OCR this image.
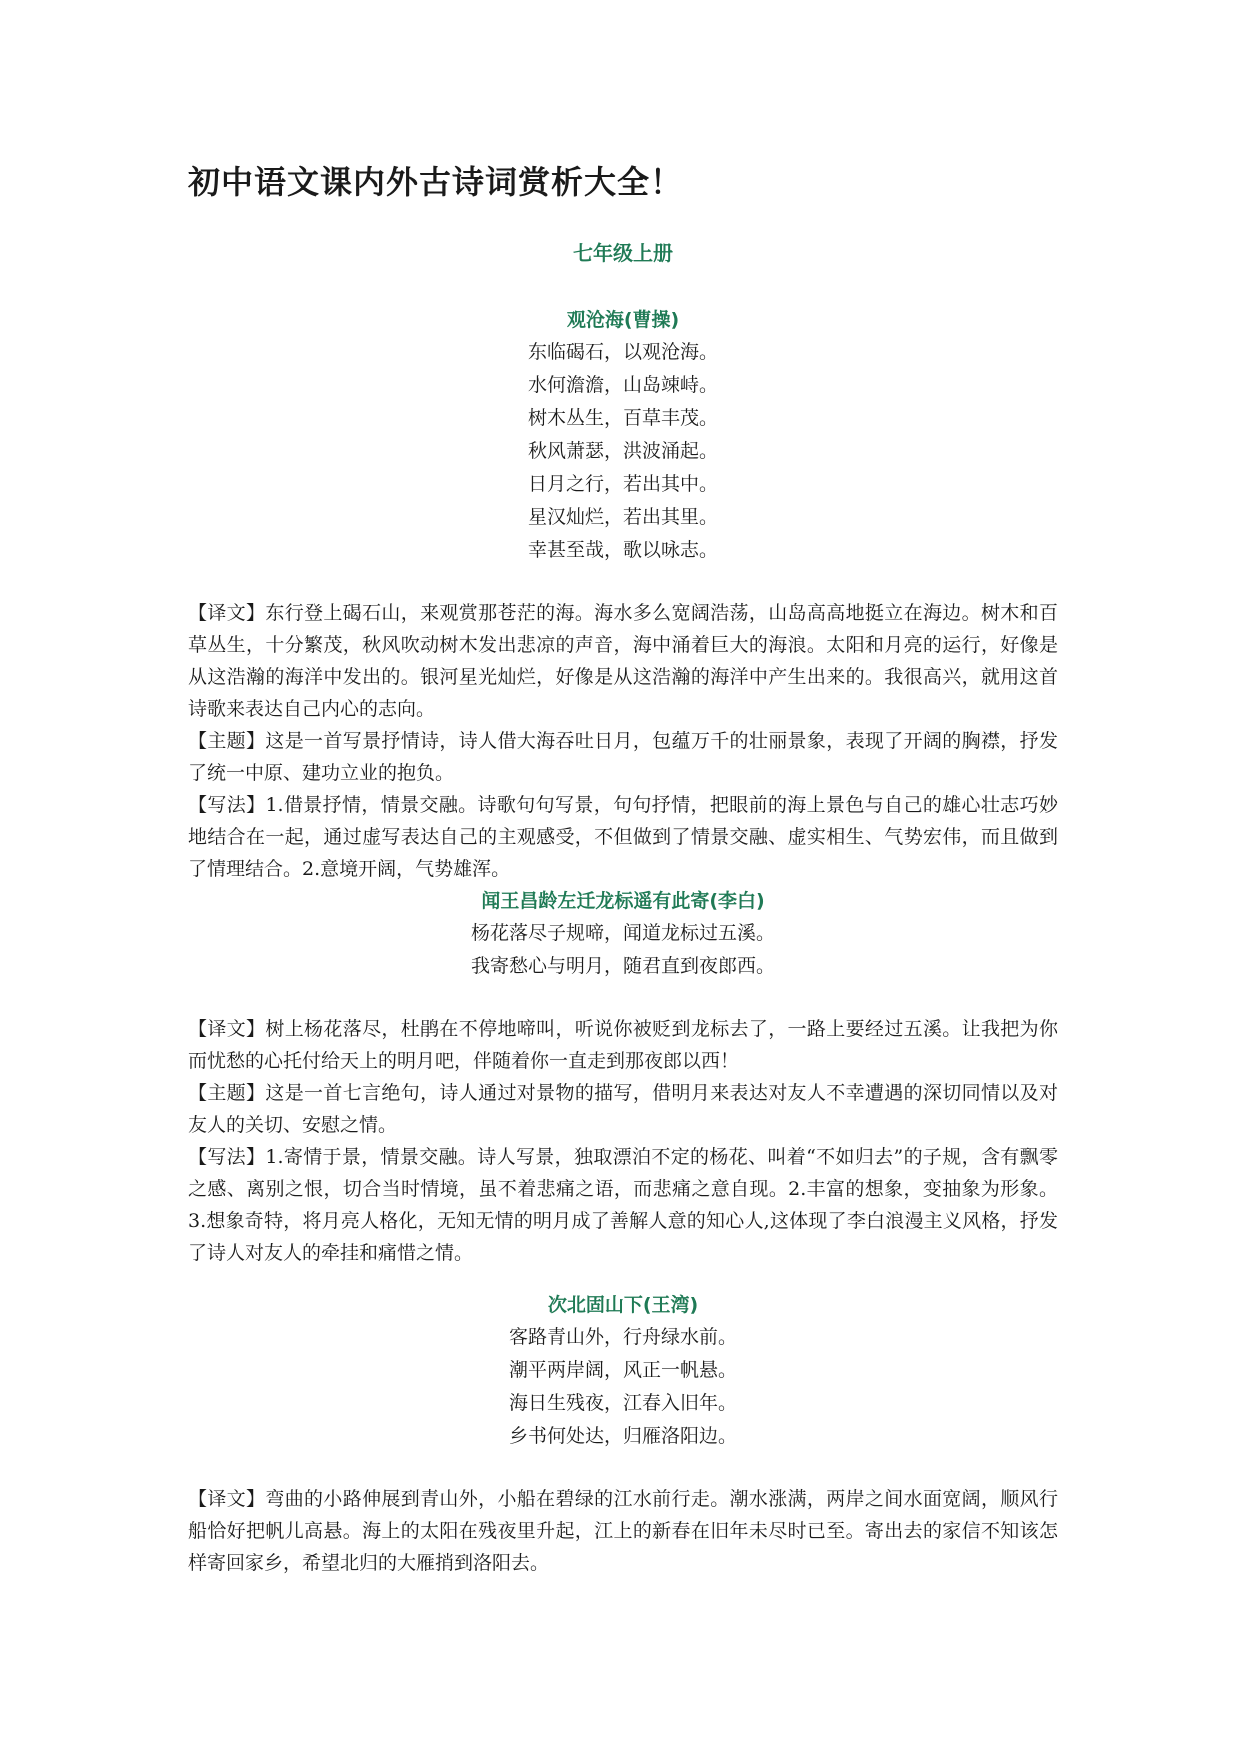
初中语文课内外古诗词赏析大全！
七年级上册
观沧海(曹操)
东临碣石，以观沧海。
水何澹澹，山岛竦峙。
树木丛生，百草丰茂。
秋风萧瑟，洪波涌起。
日月之行，若出其中。
星汉灿烂，若出其里。
幸甚至哉，歌以咏志。

【译文】东行登上碣石山，来观赏那苍茫的海。海水多么宽阔浩荡，山岛高高地挺立在海边。树木和百草丛生，十分繁茂，秋风吹动树木发出悲凉的声音，海中涌着巨大的海浪。太阳和月亮的运行，好像是从这浩瀚的海洋中发出的。银河星光灿烂，好像是从这浩瀚的海洋中产生出来的。我很高兴，就用这首诗歌来表达自己内心的志向。

【主题】这是一首写景抒情诗，诗人借大海吞吐日月，包蕴万千的壮丽景象，表现了开阔的胸襟，抒发了统一中原、建功立业的抱负。

【写法】1.借景抒情，情景交融。诗歌句句写景，句句抒情，把眼前的海上景色与自己的雄心壮志巧妙地结合在一起，通过虚写表达自己的主观感受，不但做到了情景交融、虚实相生、气势宏伟，而且做到了情理结合。2.意境开阔，气势雄浑。

闻王昌龄左迁龙标遥有此寄(李白)
杨花落尽子规啼，闻道龙标过五溪。
我寄愁心与明月，随君直到夜郎西。

【译文】树上杨花落尽，杜鹃在不停地啼叫，听说你被贬到龙标去了，一路上要经过五溪。让我把为你而忧愁的心托付给天上的明月吧，伴随着你一直走到那夜郎以西！

【主题】这是一首七言绝句，诗人通过对景物的描写，借明月来表达对友人不幸遭遇的深切同情以及对友人的关切、安慰之情。

【写法】1.寄情于景，情景交融。诗人写景，独取漂泊不定的杨花、叫着“不如归去”的子规，含有飘零之感、离别之恨，切合当时情境，虽不着悲痛之语，而悲痛之意自现。2.丰富的想象，变抽象为形象。3.想象奇特，将月亮人格化，无知无情的明月成了善解人意的知心人,这体现了李白浪漫主义风格，抒发了诗人对友人的牵挂和痛惜之情。

次北固山下(王湾)
客路青山外，行舟绿水前。
潮平两岸阔，风正一帆悬。
海日生残夜，江春入旧年。
乡书何处达，归雁洛阳边。

【译文】弯曲的小路伸展到青山外，小船在碧绿的江水前行走。潮水涨满，两岸之间水面宽阔，顺风行船恰好把帆儿高悬。海上的太阳在残夜里升起，江上的新春在旧年未尽时已至。寄出去的家信不知该怎样寄回家乡，希望北归的大雁捎到洛阳去。
